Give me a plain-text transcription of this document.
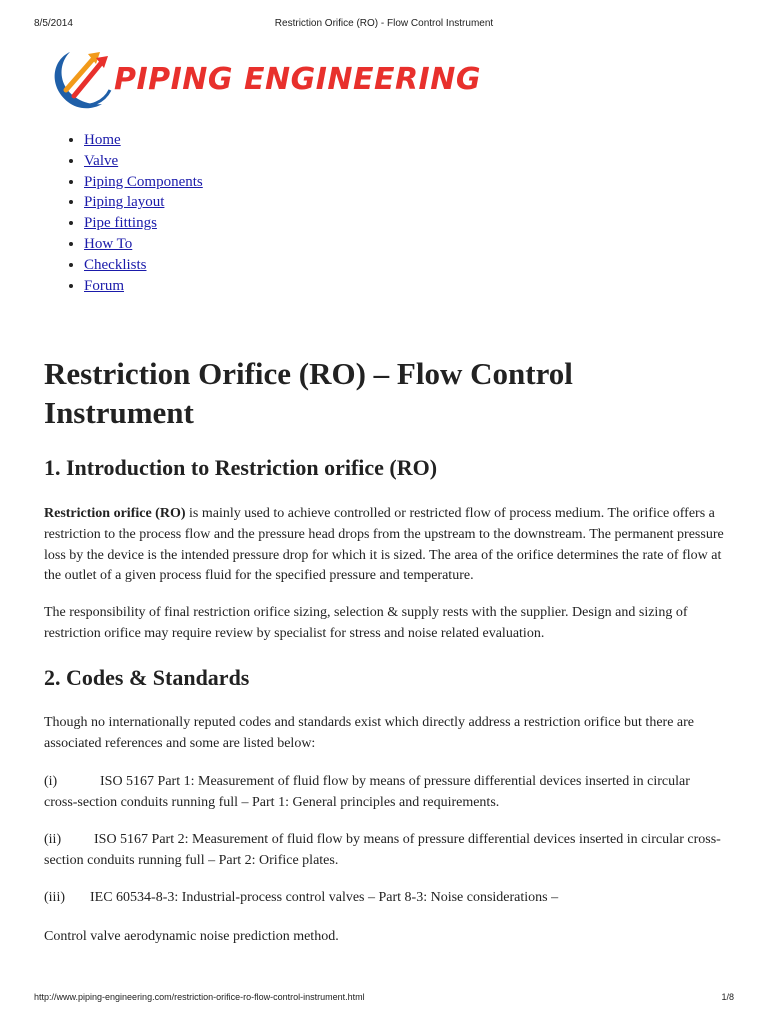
8/5/2014	Restriction Orifice (RO) - Flow Control Instrument
PIPING ENGINEERING
• Home
• Valve
• Piping Components
• Piping layout
• Pipe fittings
• How To
• Checklists
• Forum
Restriction Orifice (RO) – Flow Control Instrument
1. Introduction to Restriction orifice (RO)

Restriction orifice (RO) is mainly used to achieve controlled or restricted flow of process medium. The orifice offers a restriction to the process flow and the pressure head drops from the upstream to the downstream. The permanent pressure loss by the device is the intended pressure drop for which it is sized. The area of the orifice determines the rate of flow at the outlet of a given process fluid for the specified pressure and temperature.

The responsibility of final restriction orifice sizing, selection & supply rests with the supplier. Design and sizing of restriction orifice may require review by specialist for stress and noise related evaluation.

2. Codes & Standards

Though no internationally reputed codes and standards exist which directly address a restriction orifice but there are associated references and some are listed below:

(i)	ISO 5167 Part 1: Measurement of fluid flow by means of pressure differential devices inserted in circular cross-section conduits running full – Part 1: General principles and requirements.

(ii) ISO 5167 Part 2: Measurement of fluid flow by means of pressure differential devices inserted in circular cross-section conduits running full – Part 2: Orifice plates.

(iii) IEC 60534-8-3: Industrial-process control valves – Part 8-3: Noise considerations –

Control valve aerodynamic noise prediction method.

http://www.piping-engineering.com/restriction-orifice-ro-flow-control-instrument.html	1/8
